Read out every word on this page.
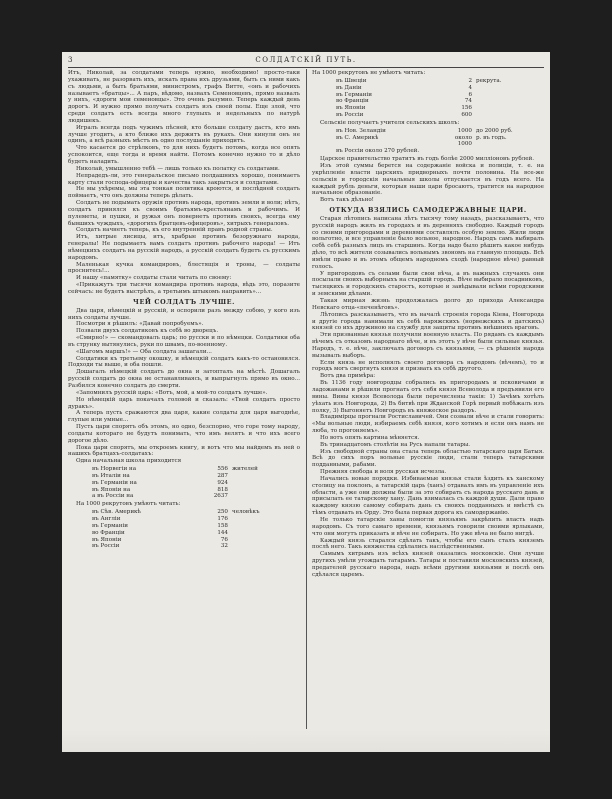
3	СОЛДАТСКІЙ ПУТЬ.

Итъ, Николай, за солдатами теперь нужно, необходимо! просто-таки ухаживать, не разорвать ихъ, искать права ихъ друзьями, быть съ ними какъ съ людьми, а быть братьями, министромъ, графъ Витте, «онъ и рабочихъ называетъ «братцы»... А паръ, вѣдомо, назвалъ Семеновцевъ, прямо назвалъ у нихъ, «дороги мои семеновцы». Это очень разумно. Теперь каждый день дорогъ. И нужно прямо получать солдатъ изъ своей полы. Еще злой, что среди солдатъ есть всегда много глупыхъ и недельныхъ по натурѣ людишекъ.

Игралъ всегда подъ чужимъ пѣсней, кто больше солдату дастъ, кто имъ лучше угодитъ, а кто ближе ихъ держитъ въ рукахъ. Они кинули онъ не одинъ, а всѣ разныхъ мѣстъ въ одно послушаніе приходитъ.

Что касается до стрѣлковъ, то для нихъ будетъ потомъ, когда все опять успокоится, еще тогда и время найти. Потомъ конечно нужно то и дѣло будетъ наладить.

Николай, умышленно тебѣ — лишь только къ полатку съ солдатами.

Непрадедъ-ли, это генеральское письмо полдашнихъ хорошо, понимаетъ карту стали господа-офицеры и качества такъ закрыться и солдатами.

Не мы ухѣремы, мы эта тонкая политика кроются, и послѣдней солдатъ поймаетъ, что онъ должны теперь дѣлать.

Солдатъ не подымать оружія противъ народа, противъ земли и воли; нѣтъ, солдатъ принялся къ своимъ братьямъ-крестьянамъ и рабочимъ. И пулеметы, и пушки, и ружья онъ повернетъ противъ своихъ, всегда ему бывшихъ чуждыхъ, «дорогихъ братцевъ-офицеровъ», хитрыхъ генераловъ.

Солдатъ начнетъ теперь, къ его внутренній правъ родной страны.

Итъ, хитрые лисицы, итъ, храбрые противъ безоружнаго народа, генералы! Не подымаетъ вамъ солдатъ противъ рабочего народа! — Итъ нѣмецкихъ солдатъ на русскій народъ, а русскій солдатъ будетъ съ русскимъ народомъ.

Маленькая кучка командировъ, блестящія и троны, — солдаты проснитесь!...

И нашу «памятку» солдаты стали читать по своему:

«Прикажутъ три тысячи командира противъ народа, вѣдь это, поразите сейчасъ: не будетъ выстрѣлъ, а третьимъ штыкомъ направить»...

ЧЕЙ СОЛДАТЪ ЛУЧШЕ.

Два царя, нѣмецкій и русскій, и оспорили разъ между собою, у кого изъ нихъ солдаты лучше.

Посмотри я рѣшилъ: «Давай попробуемъ».

Позвали двухъ солдатиковъ къ себѣ во дворецъ.

«Смирно!» — скомандовалъ царь; по русски и по нѣмецки. Солдатики оба въ струнку вытянулись, руки по швамъ, по-военному.

«Шагомъ маршъ!» — Оба солдата зашагали...

Солдатики къ третьему окошку, и нѣмецкій солдатъ какъ-то остановился. Подходи ты выше, и оба пошли.

Дошагалъ нѣмецкій солдатъ до окна и затопталъ на мѣстѣ. Дошагалъ русскій солдатъ до окна не останавливаясь, и выпрыгнулъ прямо въ окно... Разбился конечно солдатъ до смерти.

«Запомнилъ русскій царь: «Вотъ, мой, а мой-то солдатъ лучше».

Но нѣмецкій царь покачалъ головой и сказалъ: «Твой солдатъ просто дуракъ».

А теперь пусть сражаются два царя, какие солдаты для царя выгоднѣе, глупые или умные...

Пусть цари спорятъ объ этомъ, но одно, безспорно, что горе тому народу, солдаты котораго не будутъ понимать, что имъ велятъ и что ихъ всего дорогое дѣло.

Пока цари спорятъ, мы откроемъ книгу, и вотъ что мы найдемъ въ ней о нашихъ братцахъ-солдатахъ:

Одна начальная школа приходится

въ Норвегіи на	556 жителей
въ Италіи на	287
въ Германіи на	924
въ Японіи на	818
а въ Россіи на	2637

На 1000 рекрутовъ умѣютъ читать:

въ Сѣв. Америкѣ	250 человѣкъ
въ Англіи	176
въ Германіи	158
во Франціи	144
въ Японіи	76
въ Россіи	32

На 1000 рекрутовъ не умѣютъ читать:

въ Швеціи	2 рекрута.
въ Даніи	4
въ Германіи	6
во Франціи	74
въ Японіи	156
въ Россіи	600

Сельскіе получаетъ учителя сельскихъ школъ:

въ Нов. Зеландіи	1000 до 2000 руб.
въ С. Америкѣ	около 1000
р. въ годъ.
въ Россіи около 270 рублей.

Царское правительство тратитъ въ годъ болѣе 2000 милліоновъ рублей.

Изъ этой суммы берется на содержаніе войска и полиціи, т. е. на укрѣпленіе власти царскихъ придворныхъ почти половина. На все-же сельскія и городскія начальныя школы отпускается въ годъ всего. На каждый рубль деньги, которыя наши цари бросаютъ, тратится на народное начальное образованіе.

Вотъ такъ дѣльно!

ОТКУДА ВЗЯЛИСЬ САМОДЕРЖАВНЫЕ ЦАРИ.

Старая лѣтопись написана лѣтъ тысячу тому назадъ, разсказываетъ, что русскій народъ жилъ въ городахъ и въ деревняхъ свободно. Каждый городъ со своими пригородами и деревнями составлялъ особую землю. Жили люди вольготно, и все управленіе было вольное, народное. Народъ самъ выбиралъ себѣ себѣ разныхъ лицъ въ старшинъ. Когда надо было рѣшить какое нибудь дѣло, то всѣ жители созывались вольнымъ звономъ на главную площадь. Всѣ имѣли право и въ этомъ общемъ народномъ сходѣ (народное вѣче) равный голосъ.

У пригородовъ съ селами были свои вѣча, а въ важныхъ случаяхъ они посылали своихъ выборныхъ на старшій городъ. Вѣче выбирало посадниковъ, тысяцкихъ и городскихъ старостъ, которые и завѣдывали всѣми городскими и земскими дѣлами.

Такая мирная жизнь продолжалась долго до прихода Александра Невскаго отца-«печенѣговъ».

Лѣтопись разсказываетъ, что въ началѣ строенія города Кіева, Новгорода и другіе города нанимали къ себѣ варяжскихъ (норвежскихъ и датскихъ) князей со ихъ дружиною на службу для защиты противъ внѣшнихъ враговъ.

Эти призванные князья получили военную власть. По рядамъ съ каждымъ вѣчемъ съ отказомъ народнаго вѣче, и въ этотъ у вѣче были сильные князья. Народъ, т. е. вѣче, заключалъ договоръ съ князьями, — съ рѣшенія народа вызывалъ выборъ.

Если князь не исполнялъ своего договора съ народомъ (вѣчемъ), то и городъ могъ свергнуть князя и призвать къ себѣ другого.

Вотъ два примѣра:

Въ 1136 году новгородцы собрались въ пригородамъ и псковичами и ладожанами и рѣшили прогнать отъ себя князя Всеволода и предъявили его вины. Вины князя Всеволода были перечислены такія: 1) Зачѣмъ хотѣлъ уѣхать изъ Новгорода, 2) Въ битвѣ при Жданской Горѣ первый побѣжалъ изъ полку, 3) Выгоняетъ Новгородъ въ княжеское раздоръ.

Владимірцы прогнали Ростиславичей. Они созвали вѣче и стали говорить: «Мы вольные люди, избираемъ себѣ князя, кого хотимъ и если онъ намъ не люба, то прогоняемъ».

Но вотъ опять картина мѣняется.

Въ тринадцатомъ столѣтіи на Русь напали татары.

Изъ свободной страны она стала теперь областью татарскаго царя Батыя. Всѣ до сихъ поръ вольные русскіе люди, стали теперь татарскими подданными, рабами.

Прежняя свобода и воля русская исчезла.

Начались новые порядки. Избиваемые князья стали ѣздить къ ханскому столицу на поклонъ, а татарскій царь (ханъ) отдавалъ имъ въ управленіе ихъ области, а уже они должны были за это собирать съ народа русскаго дань и присылать ее татарскому хану. Дань взималась съ каждой души. Дали право каждому князю самому собирать дань съ своихъ подданныхъ и вмѣстѣ съ тѣмъ отдавать въ Орду. Это была первая дорога къ самодержавію.

Не только татарскіе ханы помогли князьямъ закрѣпить власть надъ народомъ. Съ того самаго времени, князьямъ говорили своими ярлыками, что они могутъ приказать и вѣче не собирать. Но уже вѣча не было нигдѣ.

Каждый князь старался сдѣлать такъ, чтобы его сынъ сталъ княземъ послѣ него. Такъ княжества сдѣлались наслѣдственными.

Самымъ хитрымъ изъ всѣхъ князей оказались московскіе. Они лучше другихъ умѣли угождать татарамъ. Татары и поставили московскихъ князей, предателей русскаго народа, надъ всѣми другими князьями и послѣ онъ сдѣлался царемъ.
